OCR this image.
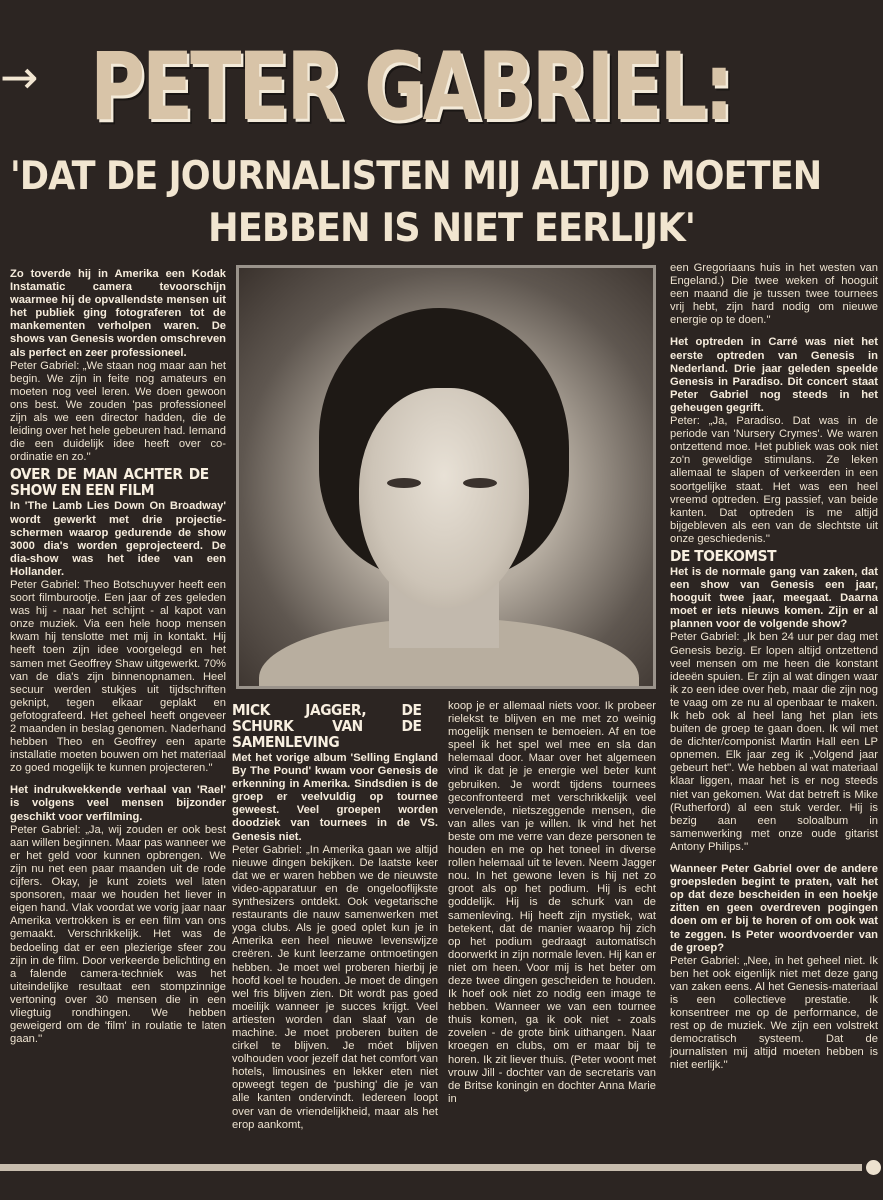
→ PETER GABRIEL:
'DAT DE JOURNALISTEN MIJ ALTIJD MOETEN
HEBBEN IS NIET EERLIJK'

Zo toverde hij in Amerika een Kodak Instamatic camera tevoorschijn waarmee hij de opvallendste mensen uit het publiek ging fotograferen tot de mankementen verholpen waren. De shows van Genesis worden omschreven als perfect en zeer professioneel.

Peter Gabriel: „We staan nog maar aan het begin. We zijn in feite nog amateurs en moeten nog veel leren. We doen gewoon ons best. We zouden 'pas professioneel zijn als we een director hadden, die de leiding over het hele gebeuren had. Iemand die een duidelijk idee heeft over co-ordinatie en zo.''

OVER DE MAN ACHTER DE SHOW EN EEN FILM

In 'The Lamb Lies Down On Broadway' wordt gewerkt met drie projectie-schermen waarop gedurende de show 3000 dia's worden geprojecteerd. De dia-show was het idee van een Hollander.

Peter Gabriel: Theo Botschuyver heeft een soort filmburootje. Een jaar of zes geleden was hij - naar het schijnt - al kapot van onze muziek. Via een hele hoop mensen kwam hij tenslotte met mij in kontakt. Hij heeft toen zijn idee voorgelegd en het samen met Geoffrey Shaw uitgewerkt. 70% van de dia's zijn binnenopnamen. Heel secuur werden stukjes uit tijdschriften geknipt, tegen elkaar geplakt en gefotografeerd. Het geheel heeft ongeveer 2 maanden in beslag genomen. Naderhand hebben Theo en Geoffrey een aparte installatie moeten bouwen om het materiaal zo goed mogelijk te kunnen projecteren.''

Het indrukwekkende verhaal van 'Rael' is volgens veel mensen bijzonder geschikt voor verfilming.

Peter Gabriel: „Ja, wij zouden er ook best aan willen beginnen. Maar pas wanneer we er het geld voor kunnen opbrengen. We zijn nu net een paar maanden uit de rode cijfers. Okay, je kunt zoiets wel laten sponsoren, maar we houden het liever in eigen hand. Vlak voordat we vorig jaar naar Amerika vertrokken is er een film van ons gemaakt. Verschrikkelijk. Het was de bedoeling dat er een plezierige sfeer zou zijn in de film. Door verkeerde belichting en a falende camera-techniek was het uiteindelijke resultaat een stompzinnige vertoning over 30 mensen die in een vliegtuig rondhingen. We hebben geweigerd om de 'film' in roulatie te laten gaan.''

MICK JAGGER, DE SCHURK VAN DE SAMENLEVING

Met het vorige album 'Selling England By The Pound' kwam voor Genesis de erkenning in Amerika. Sindsdien is de groep er veelvuldig op tournee geweest. Veel groepen worden doodziek van tournees in de VS. Genesis niet.

Peter Gabriel: „In Amerika gaan we altijd nieuwe dingen bekijken. De laatste keer dat we er waren hebben we de nieuwste video-apparatuur en de ongelooflijkste synthesizers ontdekt. Ook vegetarische restaurants die nauw samenwerken met yoga clubs. Als je goed oplet kun je in Amerika een heel nieuwe levenswijze creëren. Je kunt leerzame ontmoetingen hebben. Je moet wel proberen hierbij je hoofd koel te houden. Je moet de dingen wel fris blijven zien. Dit wordt pas goed moeilijk wanneer je succes krijgt. Veel artiesten worden dan slaaf van de machine. Je moet proberen buiten de cirkel te blijven. Je móet blijven volhouden voor jezelf dat het comfort van hotels, limousines en lekker eten niet opweegt tegen de 'pushing' die je van alle kanten ondervindt. Iedereen loopt over van de vriendelijkheid, maar als het erop aankomt,

koop je er allemaal niets voor. Ik probeer rielekst te blijven en me met zo weinig mogelijk mensen te bemoeien. Af en toe speel ik het spel wel mee en sla dan helemaal door. Maar over het algemeen vind ik dat je je energie wel beter kunt gebruiken. Je wordt tijdens tournees geconfronteerd met verschrikkelijk veel vervelende, nietszeggende mensen, die van alles van je willen. Ik vind het het beste om me verre van deze personen te houden en me op het toneel in diverse rollen helemaal uit te leven. Neem Jagger nou. In het gewone leven is hij net zo groot als op het podium. Hij is echt goddelijk. Hij is de schurk van de samenleving. Hij heeft zijn mystiek, wat betekent, dat de manier waarop hij zich op het podium gedraagt automatisch doorwerkt in zijn normale leven. Hij kan er niet om heen. Voor mij is het beter om deze twee dingen gescheiden te houden. Ik hoef ook niet zo nodig een image te hebben. Wanneer we van een tournee thuis komen, ga ik ook niet - zoals zovelen - de grote bink uithangen. Naar kroegen en clubs, om er maar bij te horen. Ik zit liever thuis. (Peter woont met vrouw Jill - dochter van de secretaris van de Britse koningin en dochter Anna Marie in

een Gregoriaans huis in het westen van Engeland.) Die twee weken of hooguit een maand die je tussen twee tournees vrij hebt, zijn hard nodig om nieuwe energie op te doen.''

Het optreden in Carré was niet het eerste optreden van Genesis in Nederland. Drie jaar geleden speelde Genesis in Paradiso. Dit concert staat Peter Gabriel nog steeds in het geheugen gegrift.

Peter: „Ja, Paradiso. Dat was in de periode van 'Nursery Crymes'. We waren ontzettend moe. Het publiek was ook niet zo'n geweldige stimulans. Ze leken allemaal te slapen of verkeerden in een soortgelijke staat. Het was een heel vreemd optreden. Erg passief, van beide kanten. Dat optreden is me altijd bijgebleven als een van de slechtste uit onze geschiedenis.''

DE TOEKOMST

Het is de normale gang van zaken, dat een show van Genesis een jaar, hooguit twee jaar, meegaat. Daarna moet er iets nieuws komen. Zijn er al plannen voor de volgende show?

Peter Gabriel: „Ik ben 24 uur per dag met Genesis bezig. Er lopen altijd ontzettend veel mensen om me heen die konstant ideeën spuien. Er zijn al wat dingen waar ik zo een idee over heb, maar die zijn nog te vaag om ze nu al openbaar te maken. Ik heb ook al heel lang het plan iets buiten de groep te gaan doen. Ik wil met de dichter/componist Martin Hall een LP opnemen. Elk jaar zeg ik „Volgend jaar gebeurt het''. We hebben al wat materiaal klaar liggen, maar het is er nog steeds niet van gekomen. Wat dat betreft is Mike (Rutherford) al een stuk verder. Hij is bezig aan een soloalbum in samenwerking met onze oude gitarist Antony Philips.''

Wanneer Peter Gabriel over de andere groepsleden begint te praten, valt het op dat deze bescheiden in een hoekje zitten en geen overdreven pogingen doen om er bij te horen of om ook wat te zeggen. Is Peter woordvoerder van de groep?

Peter Gabriel: „Nee, in het geheel niet. Ik ben het ook eigenlijk niet met deze gang van zaken eens. Al het Genesis-materiaal is een collectieve prestatie. Ik konsentreer me op de performance, de rest op de muziek. We zijn een volstrekt democratisch systeem. Dat de journalisten mij altijd moeten hebben is niet eerlijk.''
